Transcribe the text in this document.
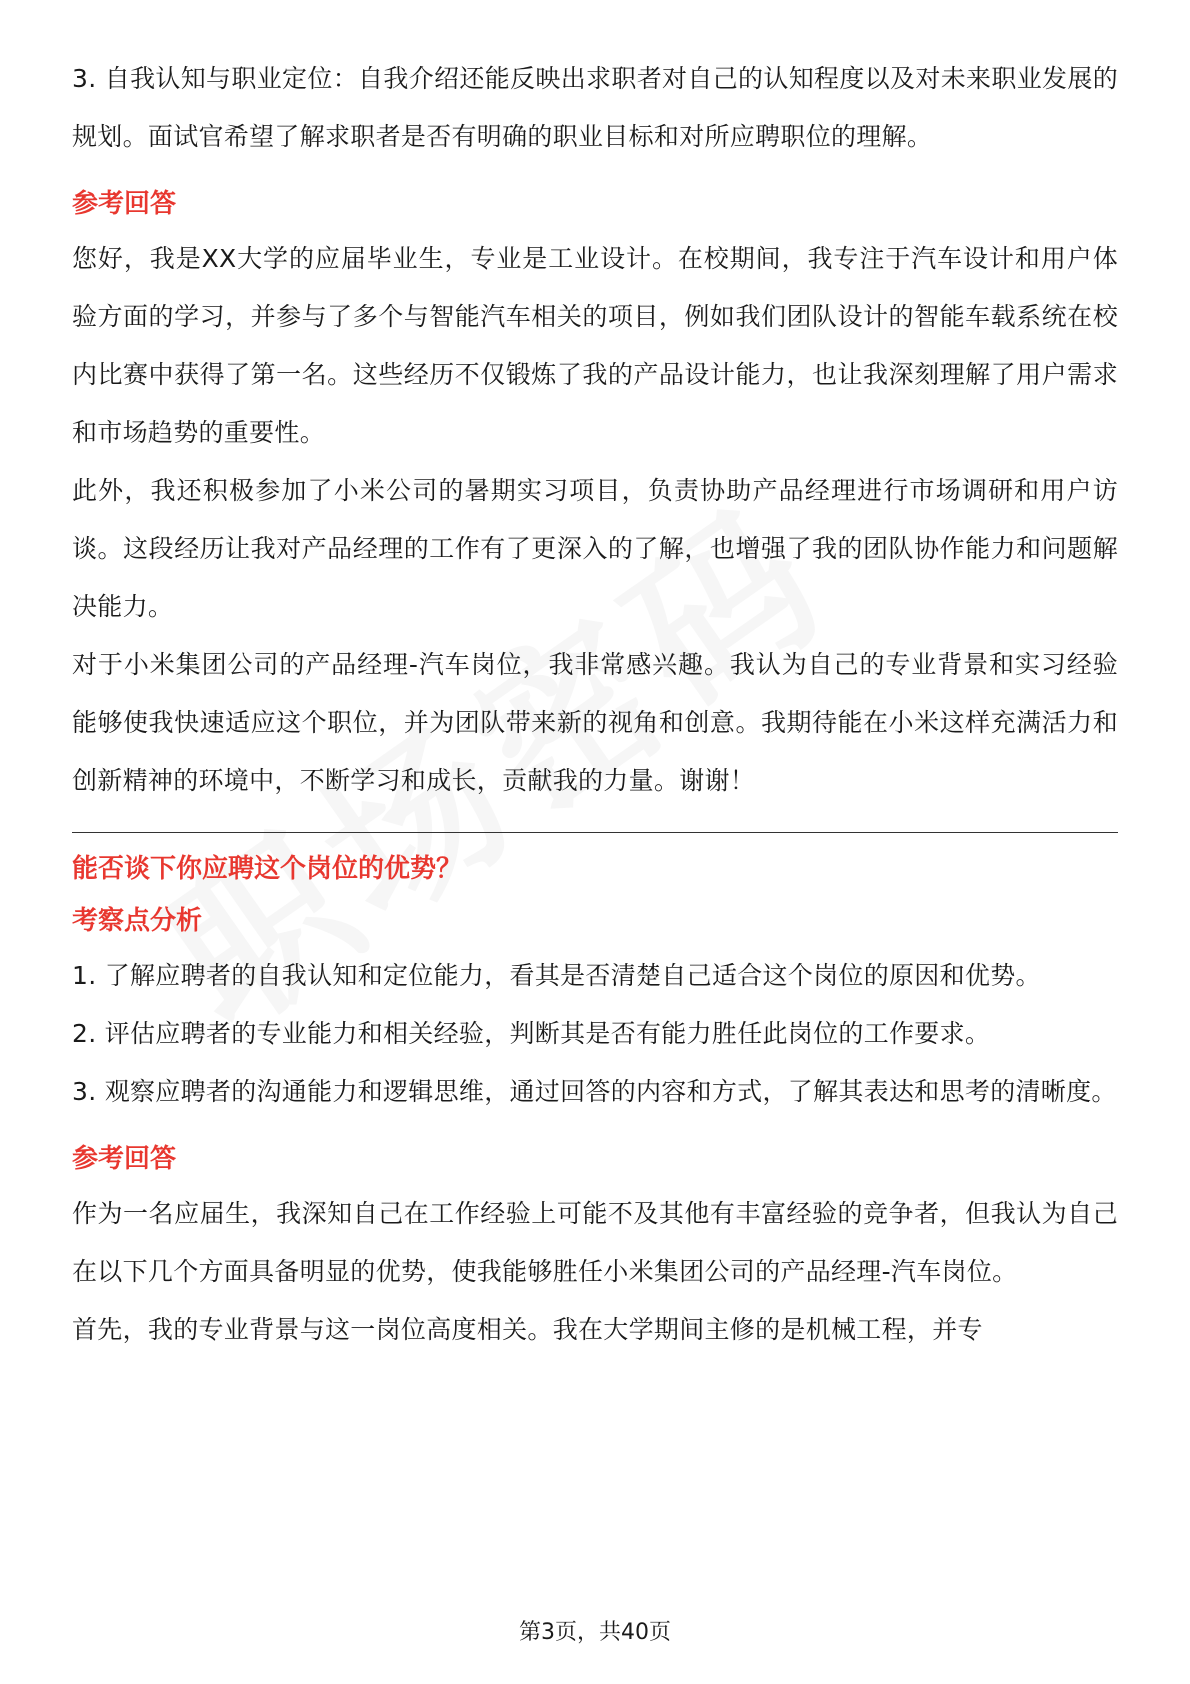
3. 自我认知与职业定位：自我介绍还能反映出求职者对自己的认知程度以及对未来职业发展的规划。面试官希望了解求职者是否有明确的职业目标和对所应聘职位的理解。

参考回答

您好，我是XX大学的应届毕业生，专业是工业设计。在校期间，我专注于汽车设计和用户体验方面的学习，并参与了多个与智能汽车相关的项目，例如我们团队设计的智能车载系统在校内比赛中获得了第一名。这些经历不仅锻炼了我的产品设计能力，也让我深刻理解了用户需求和市场趋势的重要性。

此外，我还积极参加了小米公司的暑期实习项目，负责协助产品经理进行市场调研和用户访谈。这段经历让我对产品经理的工作有了更深入的了解，也增强了我的团队协作能力和问题解决能力。

对于小米集团公司的产品经理-汽车岗位，我非常感兴趣。我认为自己的专业背景和实习经验能够使我快速适应这个职位，并为团队带来新的视角和创意。我期待能在小米这样充满活力和创新精神的环境中，不断学习和成长，贡献我的力量。谢谢！

能否谈下你应聘这个岗位的优势？
考察点分析

1. 了解应聘者的自我认知和定位能力，看其是否清楚自己适合这个岗位的原因和优势。

2. 评估应聘者的专业能力和相关经验，判断其是否有能力胜任此岗位的工作要求。

3. 观察应聘者的沟通能力和逻辑思维，通过回答的内容和方式，了解其表达和思考的清晰度。

参考回答

作为一名应届生，我深知自己在工作经验上可能不及其他有丰富经验的竞争者，但我认为自己在以下几个方面具备明显的优势，使我能够胜任小米集团公司的产品经理-汽车岗位。

首先，我的专业背景与这一岗位高度相关。我在大学期间主修的是机械工程，并专

第3页，共40页
